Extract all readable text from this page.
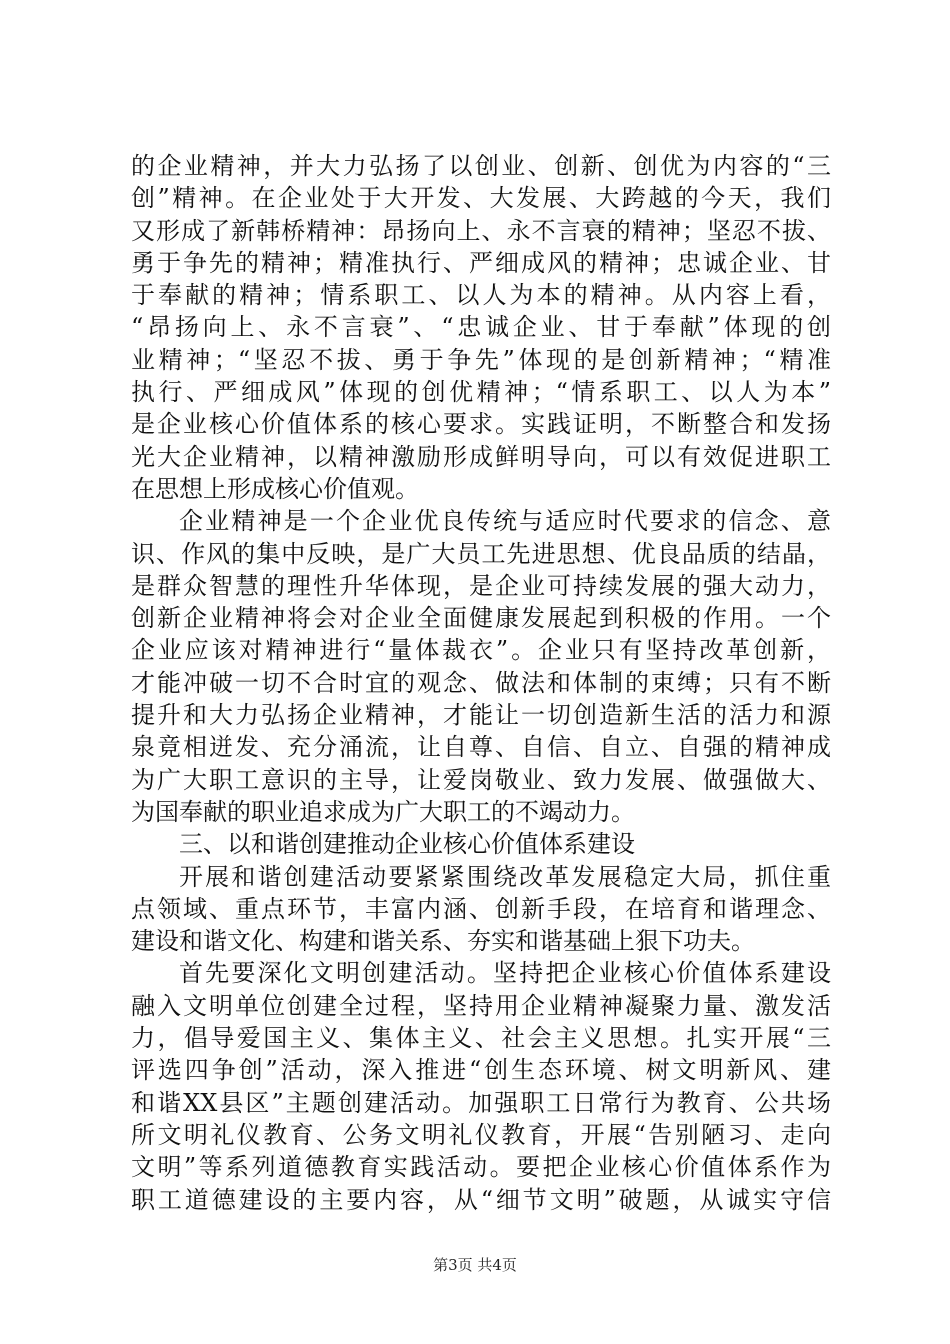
的企业精神，并大力弘扬了以创业、创新、创优为内容的“三
创”精神。在企业处于大开发、大发展、大跨越的今天，我们
又形成了新韩桥精神：昂扬向上、永不言衰的精神；坚忍不拔、
勇于争先的精神；精准执行、严细成风的精神；忠诚企业、甘
于奉献的精神；情系职工、以人为本的精神。从内容上看，
“昂扬向上、永不言衰”、“忠诚企业、甘于奉献”体现的创
业精神；“坚忍不拔、勇于争先”体现的是创新精神；“精准
执行、严细成风”体现的创优精神；“情系职工、以人为本”
是企业核心价值体系的核心要求。实践证明，不断整合和发扬
光大企业精神，以精神激励形成鲜明导向，可以有效促进职工
在思想上形成核心价值观。
企业精神是一个企业优良传统与适应时代要求的信念、意
识、作风的集中反映，是广大员工先进思想、优良品质的结晶，
是群众智慧的理性升华体现，是企业可持续发展的强大动力，
创新企业精神将会对企业全面健康发展起到积极的作用。一个
企业应该对精神进行“量体裁衣”。企业只有坚持改革创新，
才能冲破一切不合时宜的观念、做法和体制的束缚；只有不断
提升和大力弘扬企业精神，才能让一切创造新生活的活力和源
泉竟相迸发、充分涌流，让自尊、自信、自立、自强的精神成
为广大职工意识的主导，让爱岗敬业、致力发展、做强做大、
为国奉献的职业追求成为广大职工的不竭动力。
三、以和谐创建推动企业核心价值体系建设
开展和谐创建活动要紧紧围绕改革发展稳定大局，抓住重
点领域、重点环节，丰富内涵、创新手段，在培育和谐理念、
建设和谐文化、构建和谐关系、夯实和谐基础上狠下功夫。
首先要深化文明创建活动。坚持把企业核心价值体系建设
融入文明单位创建全过程，坚持用企业精神凝聚力量、激发活
力，倡导爱国主义、集体主义、社会主义思想。扎实开展“三
评选四争创”活动，深入推进“创生态环境、树文明新风、建
和谐XX县区”主题创建活动。加强职工日常行为教育、公共场
所文明礼仪教育、公务文明礼仪教育，开展“告别陋习、走向
文明”等系列道德教育实践活动。要把企业核心价值体系作为
职工道德建设的主要内容，从“细节文明”破题，从诚实守信
第3页 共4页
